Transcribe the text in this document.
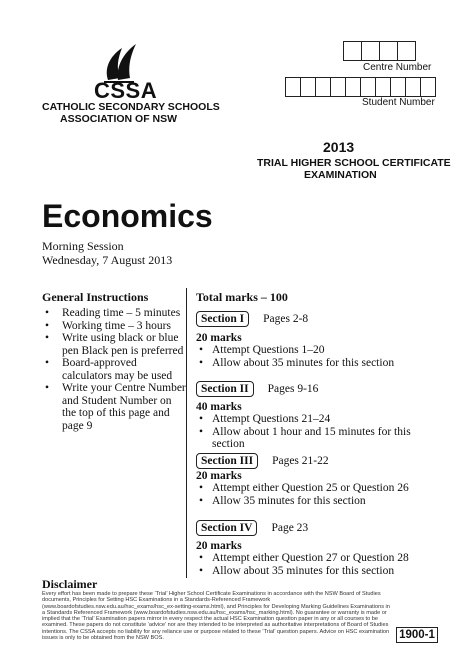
CSSA
CATHOLIC SECONDARY SCHOOLS
ASSOCIATION OF NSW
Centre Number
Student Number
2013
TRIAL HIGHER SCHOOL CERTIFICATE
EXAMINATION
Economics
Morning Session
Wednesday, 7 August 2013
General Instructions
• Reading time – 5 minutes
• Working time – 3 hours
• Write using black or blue pen Black pen is preferred
• Board-approved calculators may be used
• Write your Centre Number and Student Number on the top of this page and page 9
Total marks – 100
Section I Pages 2-8
20 marks
• Attempt Questions 1–20
• Allow about 35 minutes for this section
Section II Pages 9-16
40 marks
• Attempt Questions 21–24
• Allow about 1 hour and 15 minutes for this section
Section III Pages 21-22
20 marks
• Attempt either Question 25 or Question 26
• Allow 35 minutes for this section
Section IV Page 23
20 marks
• Attempt either Question 27 or Question 28
• Allow about 35 minutes for this section
Disclaimer
Every effort has been made to prepare these ‘Trial’ Higher School Certificate Examinations in accordance with the NSW Board of Studies documents, Principles for Setting HSC Examinations in a Standards-Referenced Framework (www.boardofstudies.nsw.edu.au/hsc_exams/hsc_ex-setting-exams.html), and Principles for Developing Marking Guidelines Examinations in a Standards Referenced Framework (www.boardofstudies.nsw.edu.au/hsc_exams/hsc_marking.html). No guarantee or warranty is made or implied that the ‘Trial’ Examination papers mirror in every respect the actual HSC Examination question paper in any or all courses to be examined. These papers do not constitute ‘advice’ nor are they intended to be interpreted as authoritative interpretations of Board of Studies intentions. The CSSA accepts no liability for any reliance use or purpose related to these ‘Trial’ question papers. Advice on HSC examination issues is only to be obtained from the NSW BOS.	1900-1
